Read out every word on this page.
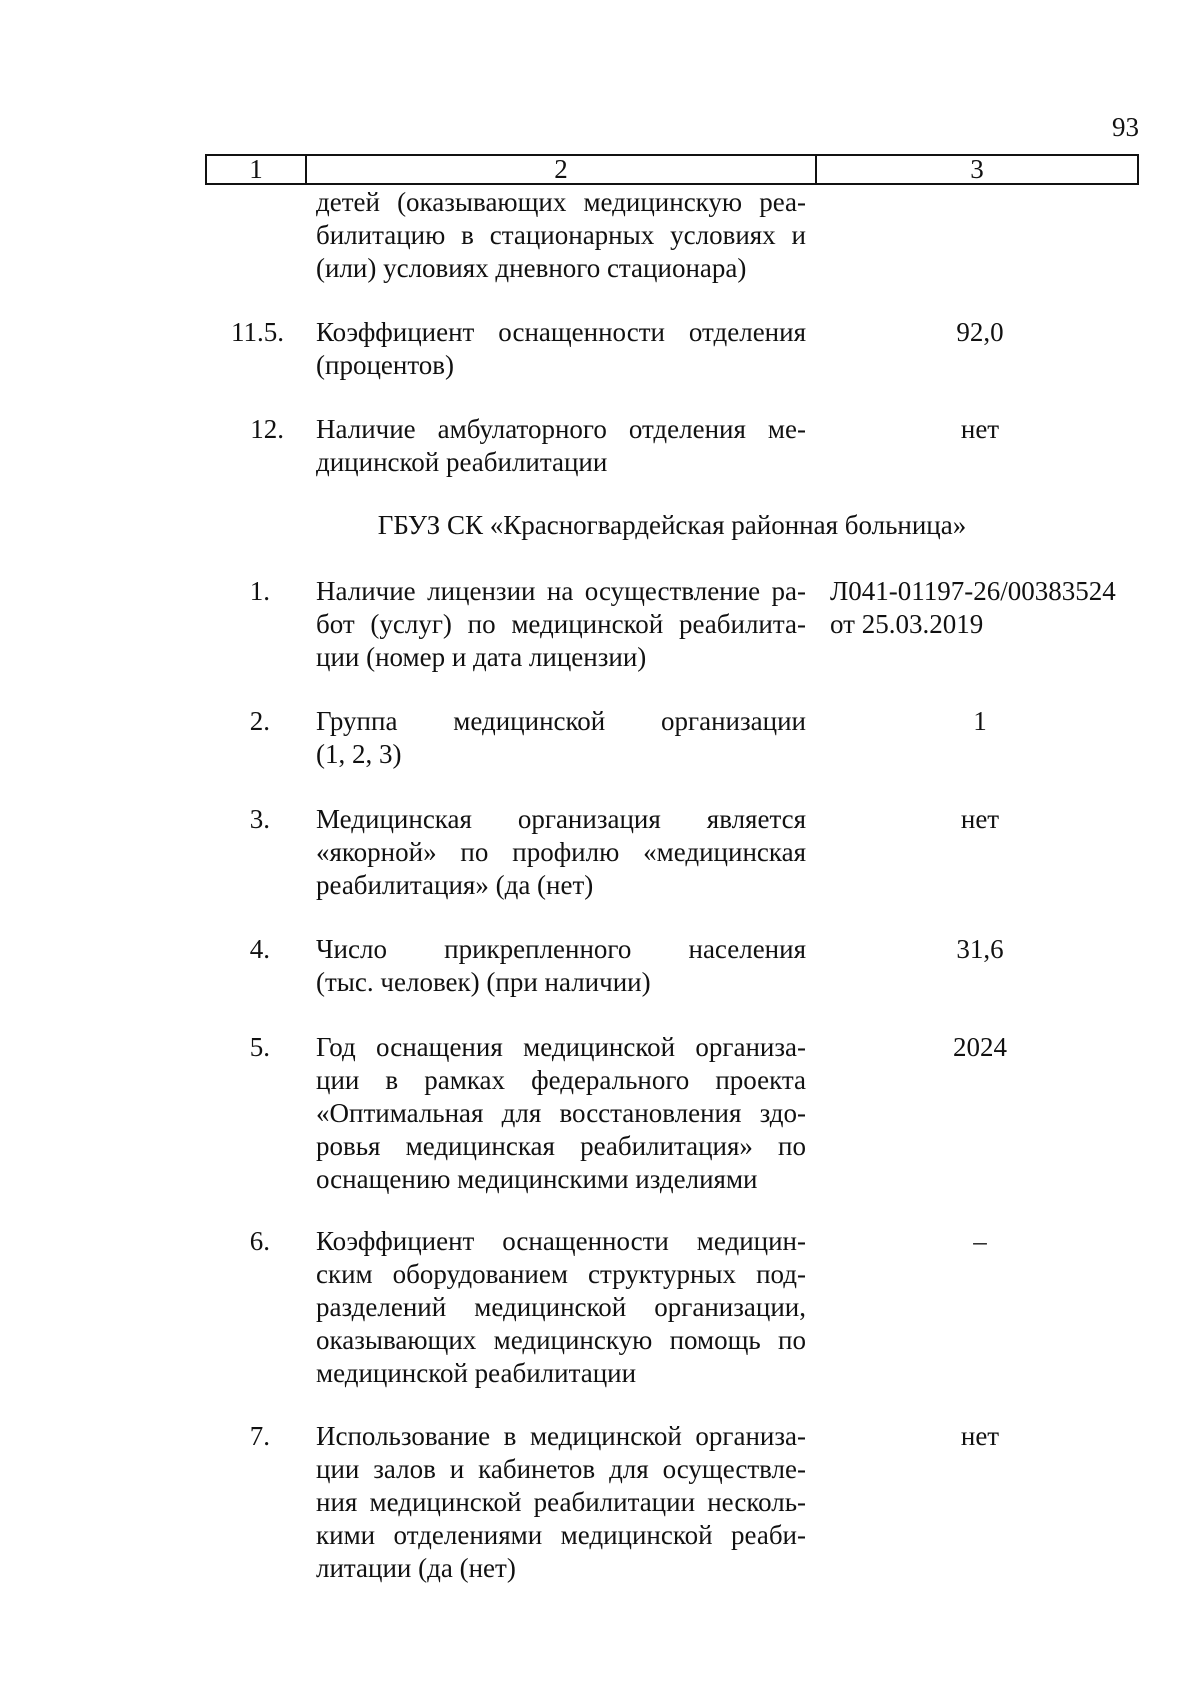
93
1	2	3
детей (оказывающих медицинскую реа-
билитацию в стационарных условиях и
(или) условиях дневного стационара)
11.5. Коэффициент оснащенности отделения
(процентов)
92,0
12. Наличие амбулаторного отделения ме-
дицинской реабилитации
нет
ГБУЗ СК «Красногвардейская районная больница»
1. Наличие лицензии на осуществление ра-
бот (услуг) по медицинской реабилита-
ции (номер и дата лицензии)
Л041-01197-26/00383524
от 25.03.2019
2. Группа медицинской организации
(1, 2, 3)
1
3. Медицинская организация является
«якорной» по профилю «медицинская
реабилитация» (да (нет)
нет
4. Число прикрепленного населения
(тыс. человек) (при наличии)
31,6
5. Год оснащения медицинской организа-
ции в рамках федерального проекта
«Оптимальная для восстановления здо-
ровья медицинская реабилитация» по
оснащению медицинскими изделиями
2024
6. Коэффициент оснащенности медицин-
ским оборудованием структурных под-
разделений медицинской организации,
оказывающих медицинскую помощь по
медицинской реабилитации
–
7. Использование в медицинской организа-
ции залов и кабинетов для осуществле-
ния медицинской реабилитации несколь-
кими отделениями медицинской реаби-
литации (да (нет)
нет
